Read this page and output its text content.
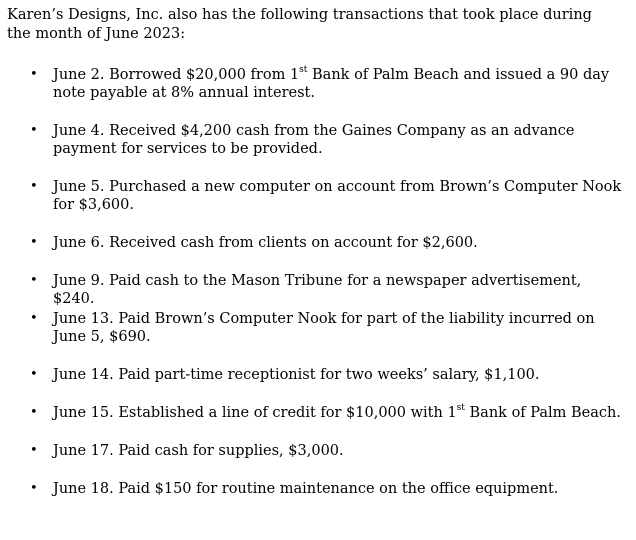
Karen’s Designs, Inc. also has the following transactions that took place during the month of June 2023:

• June 2. Borrowed $20,000 from 1st Bank of Palm Beach and issued a 90 day note payable at 8% annual interest.
• June 4. Received $4,200 cash from the Gaines Company as an advance payment for services to be provided.
• June 5. Purchased a new computer on account from Brown’s Computer Nook for $3,600.
• June 6. Received cash from clients on account for $2,600.
• June 9. Paid cash to the Mason Tribune for a newspaper advertisement, $240.
• June 13. Paid Brown’s Computer Nook for part of the liability incurred on June 5, $690.
• June 14. Paid part-time receptionist for two weeks’ salary, $1,100.
• June 15. Established a line of credit for $10,000 with 1st Bank of Palm Beach.
• June 17. Paid cash for supplies, $3,000.
• June 18. Paid $150 for routine maintenance on the office equipment.
